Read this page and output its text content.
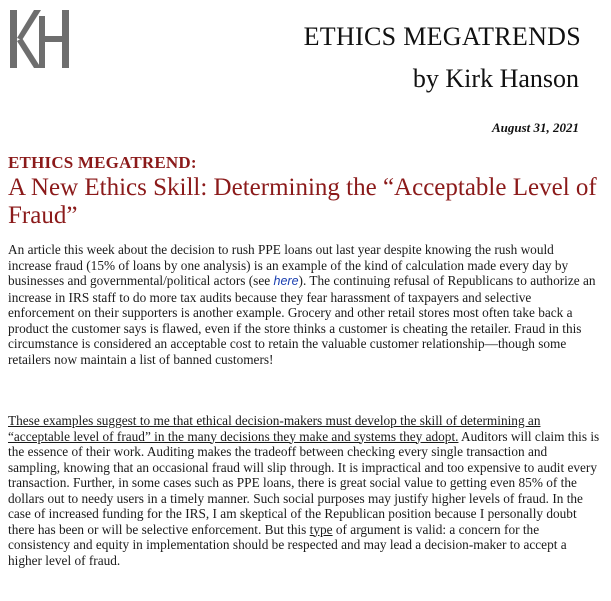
ETHICS MEGATRENDS
by Kirk Hanson
August 31, 2021
ETHICS MEGATREND:
A New Ethics Skill: Determining the “Acceptable Level of Fraud”

An article this week about the decision to rush PPE loans out last year despite knowing the rush would increase fraud (15% of loans by one analysis) is an example of the kind of calculation made every day by businesses and governmental/political actors (see here). The continuing refusal of Republicans to authorize an increase in IRS staff to do more tax audits because they fear harassment of taxpayers and selective enforcement on their supporters is another example. Grocery and other retail stores most often take back a product the customer says is flawed, even if the store thinks a customer is cheating the retailer. Fraud in this circumstance is considered an acceptable cost to retain the valuable customer relationship—though some retailers now maintain a list of banned customers!

These examples suggest to me that ethical decision-makers must develop the skill of determining an “acceptable level of fraud” in the many decisions they make and systems they adopt. Auditors will claim this is the essence of their work. Auditing makes the tradeoff between checking every single transaction and sampling, knowing that an occasional fraud will slip through. It is impractical and too expensive to audit every transaction. Further, in some cases such as PPE loans, there is great social value to getting even 85% of the dollars out to needy users in a timely manner. Such social purposes may justify higher levels of fraud. In the case of increased funding for the IRS, I am skeptical of the Republican position because I personally doubt there has been or will be selective enforcement. But this type of argument is valid: a concern for the consistency and equity in implementation should be respected and may lead a decision-maker to accept a higher level of fraud.
